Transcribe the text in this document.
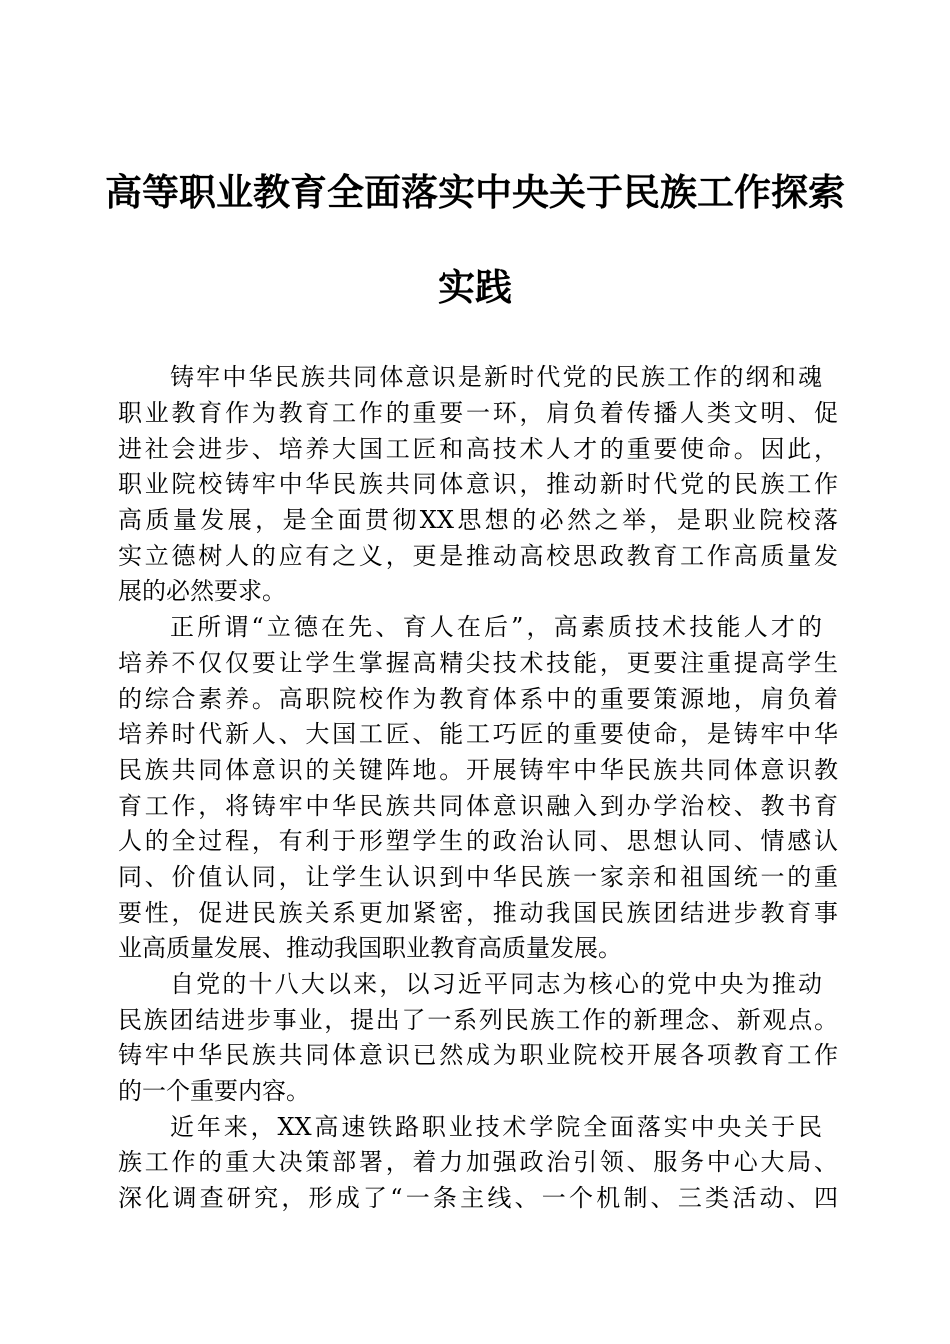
高等职业教育全面落实中央关于民族工作探索
实践
铸牢中华民族共同体意识是新时代党的民族工作的纲和魂
职业教育作为教育工作的重要一环，肩负着传播人类文明、促
进社会进步、培养大国工匠和高技术人才的重要使命。因此，
职业院校铸牢中华民族共同体意识，推动新时代党的民族工作
高质量发展，是全面贯彻XX思想的必然之举，是职业院校落
实立德树人的应有之义，更是推动高校思政教育工作高质量发
展的必然要求。
正所谓“立德在先、育人在后”，高素质技术技能人才的
培养不仅仅要让学生掌握高精尖技术技能，更要注重提高学生
的综合素养。高职院校作为教育体系中的重要策源地，肩负着
培养时代新人、大国工匠、能工巧匠的重要使命，是铸牢中华
民族共同体意识的关键阵地。开展铸牢中华民族共同体意识教
育工作，将铸牢中华民族共同体意识融入到办学治校、教书育
人的全过程，有利于形塑学生的政治认同、思想认同、情感认
同、价值认同，让学生认识到中华民族一家亲和祖国统一的重
要性，促进民族关系更加紧密，推动我国民族团结进步教育事
业高质量发展、推动我国职业教育高质量发展。
自党的十八大以来，以习近平同志为核心的党中央为推动
民族团结进步事业，提出了一系列民族工作的新理念、新观点。
铸牢中华民族共同体意识已然成为职业院校开展各项教育工作
的一个重要内容。
近年来，XX高速铁路职业技术学院全面落实中央关于民
族工作的重大决策部署，着力加强政治引领、服务中心大局、
深化调查研究，形成了“一条主线、一个机制、三类活动、四
